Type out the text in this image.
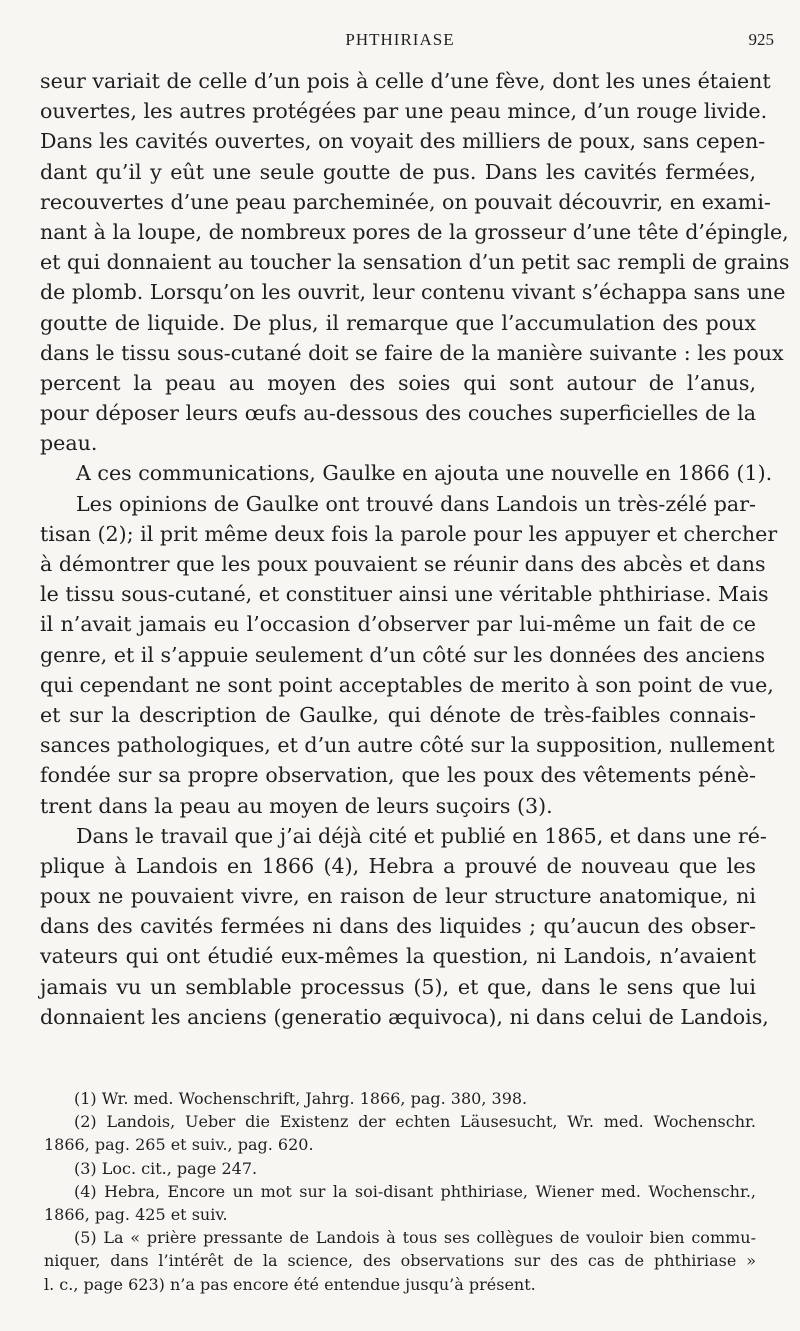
PHTHIRIASE	925
seur variait de celle d’un pois à celle d’une fève, dont les unes étaient
ouvertes, les autres protégées par une peau mince, d’un rouge livide.
Dans les cavités ouvertes, on voyait des milliers de poux, sans cepen-
dant qu’il y eût une seule goutte de pus. Dans les cavités fermées,
recouvertes d’une peau parcheminée, on pouvait découvrir, en exami-
nant à la loupe, de nombreux pores de la grosseur d’une tête d’épingle,
et qui donnaient au toucher la sensation d’un petit sac rempli de grains
de plomb. Lorsqu’on les ouvrit, leur contenu vivant s’échappa sans une
goutte de liquide. De plus, il remarque que l’accumulation des poux
dans le tissu sous-cutané doit se faire de la manière suivante : les poux
percent la peau au moyen des soies qui sont autour de l’anus,
pour déposer leurs œufs au-dessous des couches superficielles de la
peau.
A ces communications, Gaulke en ajouta une nouvelle en 1866 (1).
Les opinions de Gaulke ont trouvé dans Landois un très-zélé par-
tisan (2); il prit même deux fois la parole pour les appuyer et chercher
à démontrer que les poux pouvaient se réunir dans des abcès et dans
le tissu sous-cutané, et constituer ainsi une véritable phthiriase. Mais
il n’avait jamais eu l’occasion d’observer par lui-même un fait de ce
genre, et il s’appuie seulement d’un côté sur les données des anciens
qui cependant ne sont point acceptables de merito à son point de vue,
et sur la description de Gaulke, qui dénote de très-faibles connais-
sances pathologiques, et d’un autre côté sur la supposition, nullement
fondée sur sa propre observation, que les poux des vêtements pénè-
trent dans la peau au moyen de leurs suçoirs (3).
Dans le travail que j’ai déjà cité et publié en 1865, et dans une ré-
plique à Landois en 1866 (4), Hebra a prouvé de nouveau que les
poux ne pouvaient vivre, en raison de leur structure anatomique, ni
dans des cavités fermées ni dans des liquides ; qu’aucun des obser-
vateurs qui ont étudié eux-mêmes la question, ni Landois, n’avaient
jamais vu un semblable processus (5), et que, dans le sens que lui
donnaient les anciens (generatio æquivoca), ni dans celui de Landois,
(1) Wr. med. Wochenschrift, Jahrg. 1866, pag. 380, 398.
(2) Landois, Ueber die Existenz der echten Läusesucht, Wr. med. Wochenschr.
1866, pag. 265 et suiv., pag. 620.
(3) Loc. cit., page 247.
(4) Hebra, Encore un mot sur la soi-disant phthiriase, Wiener med. Wochenschr.,
1866, pag. 425 et suiv.
(5) La « prière pressante de Landois à tous ses collègues de vouloir bien commu-
niquer, dans l’intérêt de la science, des observations sur des cas de phthiriase »
l. c., page 623) n’a pas encore été entendue jusqu’à présent.
